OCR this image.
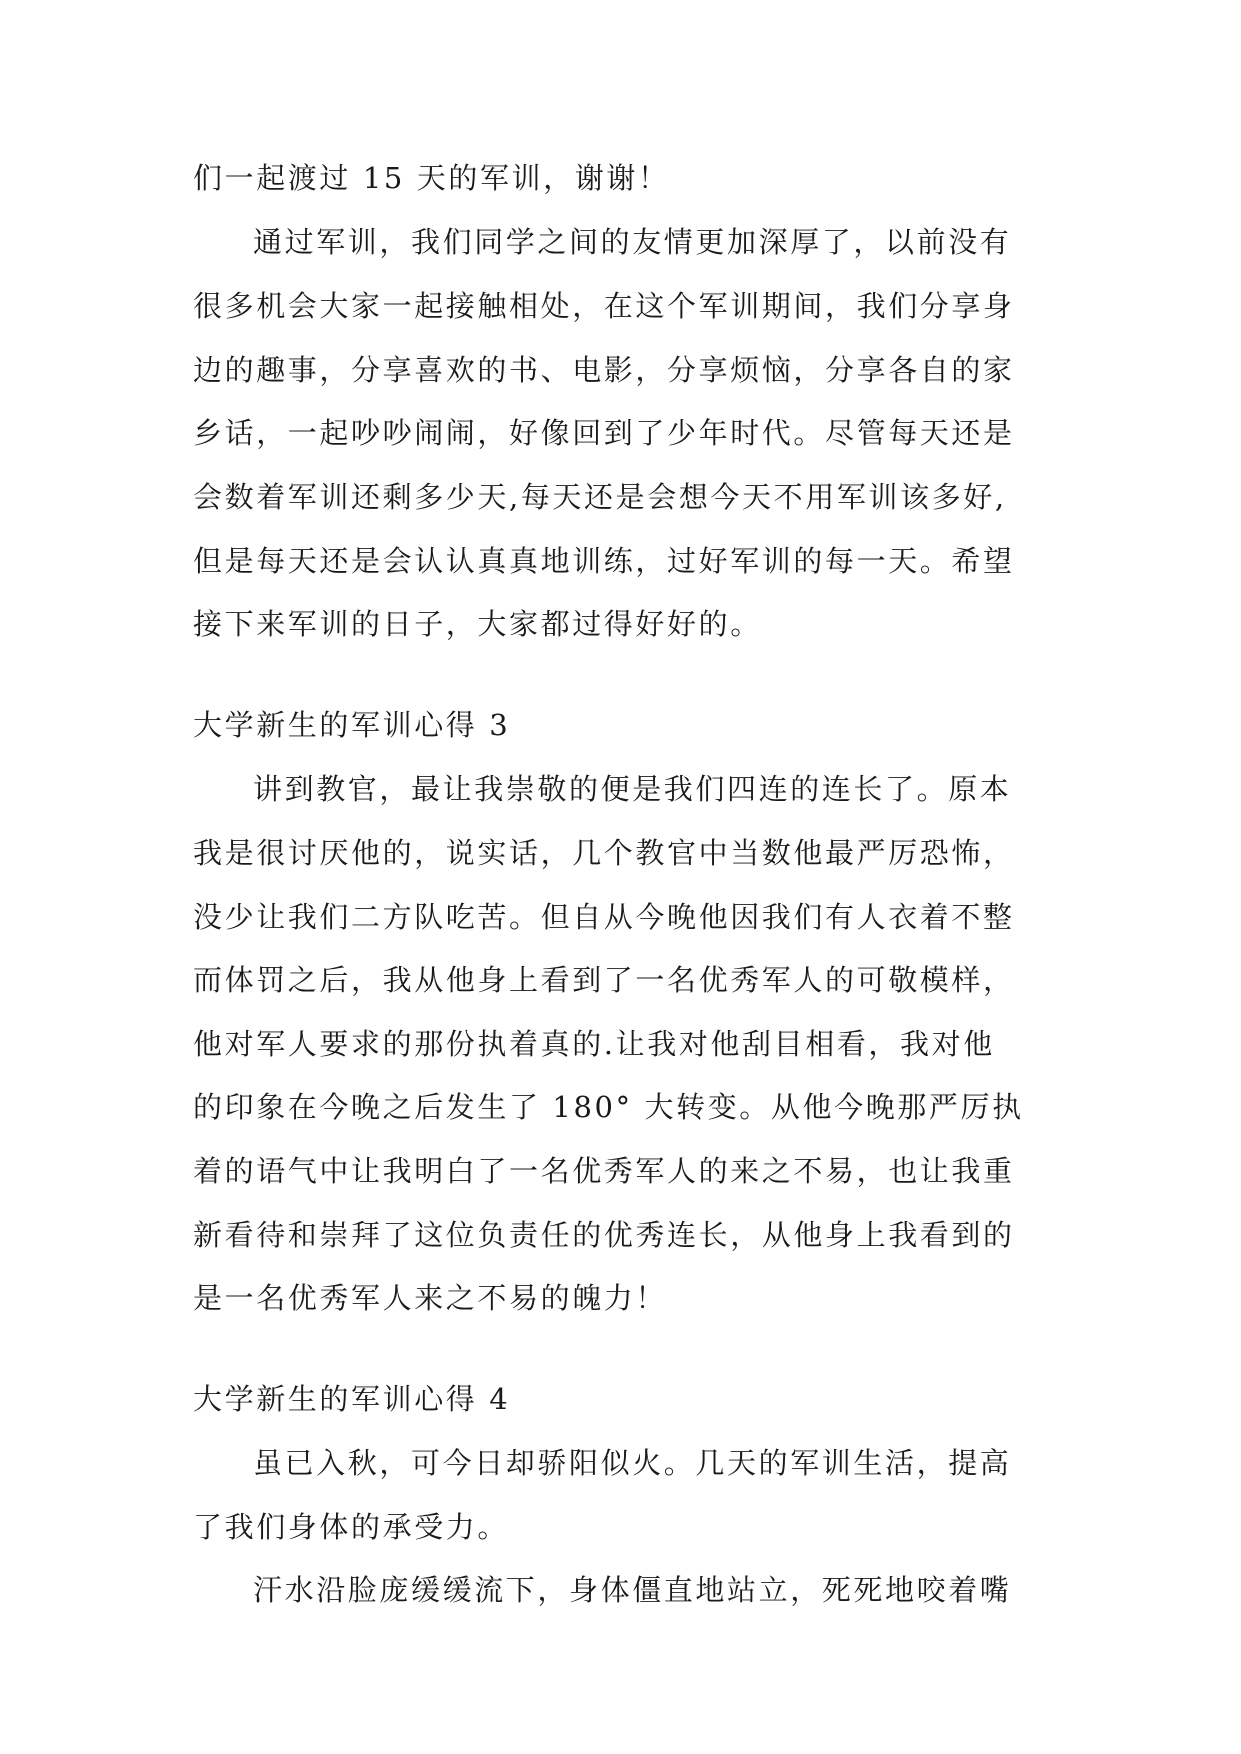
们一起渡过 15 天的军训，谢谢！
通过军训，我们同学之间的友情更加深厚了，以前没有
很多机会大家一起接触相处，在这个军训期间，我们分享身
边的趣事，分享喜欢的书、电影，分享烦恼，分享各自的家
乡话，一起吵吵闹闹，好像回到了少年时代。尽管每天还是
会数着军训还剩多少天,每天还是会想今天不用军训该多好,
但是每天还是会认认真真地训练，过好军训的每一天。希望
接下来军训的日子，大家都过得好好的。
大学新生的军训心得 3
讲到教官，最让我崇敬的便是我们四连的连长了。原本
我是很讨厌他的，说实话，几个教官中当数他最严厉恐怖，
没少让我们二方队吃苦。但自从今晚他因我们有人衣着不整
而体罚之后，我从他身上看到了一名优秀军人的可敬模样，
他对军人要求的那份执着真的.让我对他刮目相看，我对他
的印象在今晚之后发生了 180° 大转变。从他今晚那严厉执
着的语气中让我明白了一名优秀军人的来之不易，也让我重
新看待和崇拜了这位负责任的优秀连长，从他身上我看到的
是一名优秀军人来之不易的魄力！
大学新生的军训心得 4
虽已入秋，可今日却骄阳似火。几天的军训生活，提高
了我们身体的承受力。
汗水沿脸庞缓缓流下，身体僵直地站立，死死地咬着嘴
